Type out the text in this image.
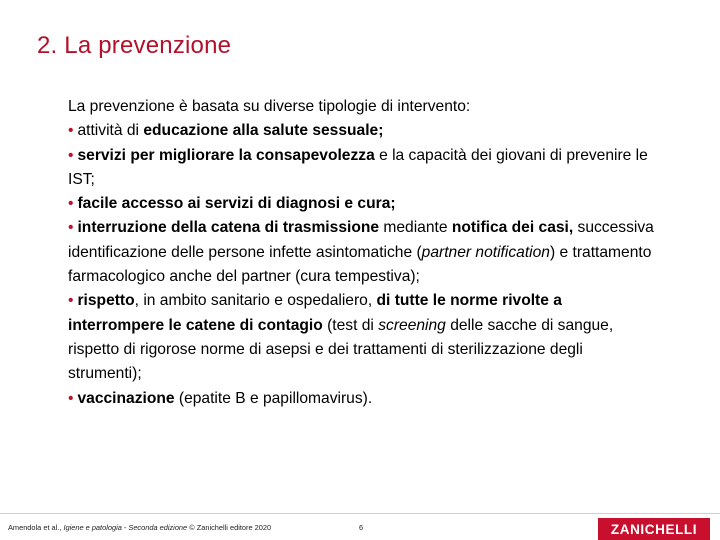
2. La prevenzione

La prevenzione è basata su diverse tipologie di intervento:

• attività di educazione alla salute sessuale;

• servizi per migliorare la consapevolezza e la capacità dei giovani di prevenire le IST;

• facile accesso ai servizi di diagnosi e cura;

• interruzione della catena di trasmissione mediante notifica dei casi, successiva identificazione delle persone infette asintomatiche (partner notification) e trattamento farmacologico anche del partner (cura tempestiva);

• rispetto, in ambito sanitario e ospedaliero, di tutte le norme rivolte a interrompere le catene di contagio (test di screening delle sacche di sangue, rispetto di rigorose norme di asepsi e dei trattamenti di sterilizzazione degli strumenti);

• vaccinazione (epatite B e papillomavirus).

Amendola et al., Igiene e patologia - Seconda edizione © Zanichelli editore 2020	6	ZANICHELLI
